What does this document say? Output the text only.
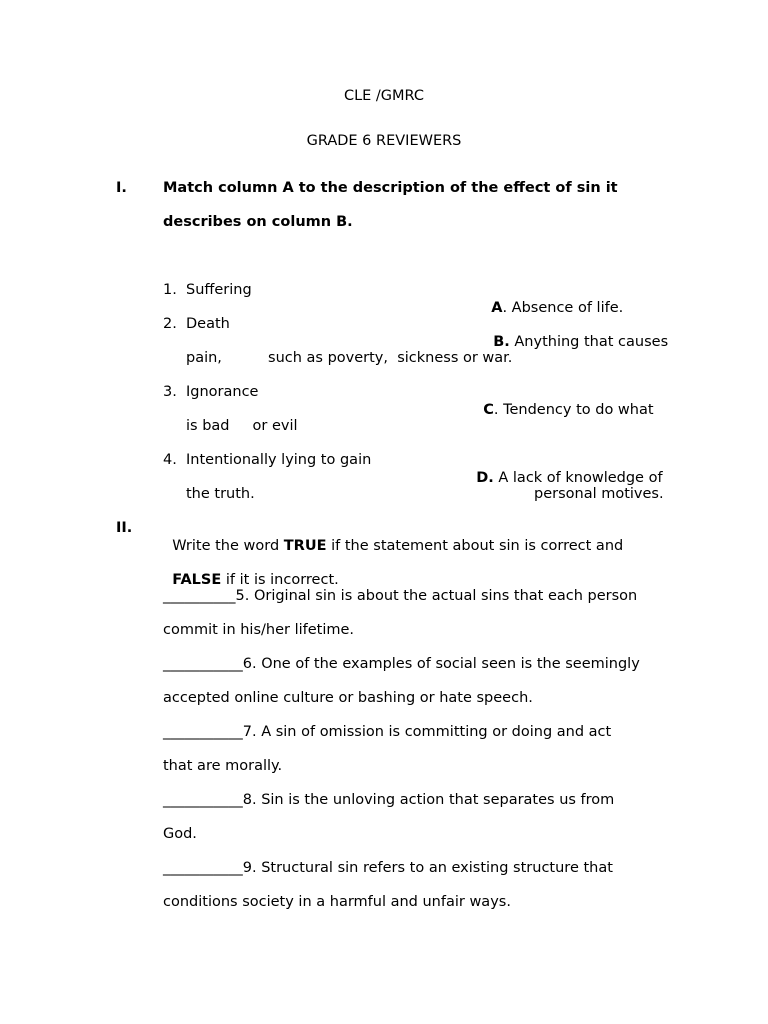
CLE /GMRC
GRADE 6 REVIEWERS
I. Match column A to the description of the effect of sin it
describes on column B.
1. Suffering

A. Absence of life.

2. Death

B. Anything that causes

pain,          such as poverty,  sickness or war.
3. Ignorance

C. Tendency to do what

is bad     or evil
4. Intentionally lying to gain

D. A lack of knowledge of

the truth.	personal motives.
II.

Write the word TRUE if the statement about sin is correct and

FALSE if it is incorrect.

__________5. Original sin is about the actual sins that each person
commit in his/her lifetime.
___________6. One of the examples of social seen is the seemingly
accepted online culture or bashing or hate speech.
___________7. A sin of omission is committing or doing and act
that are morally.
___________8. Sin is the unloving action that separates us from
God.
___________9. Structural sin refers to an existing structure that
conditions society in a harmful and unfair ways.
